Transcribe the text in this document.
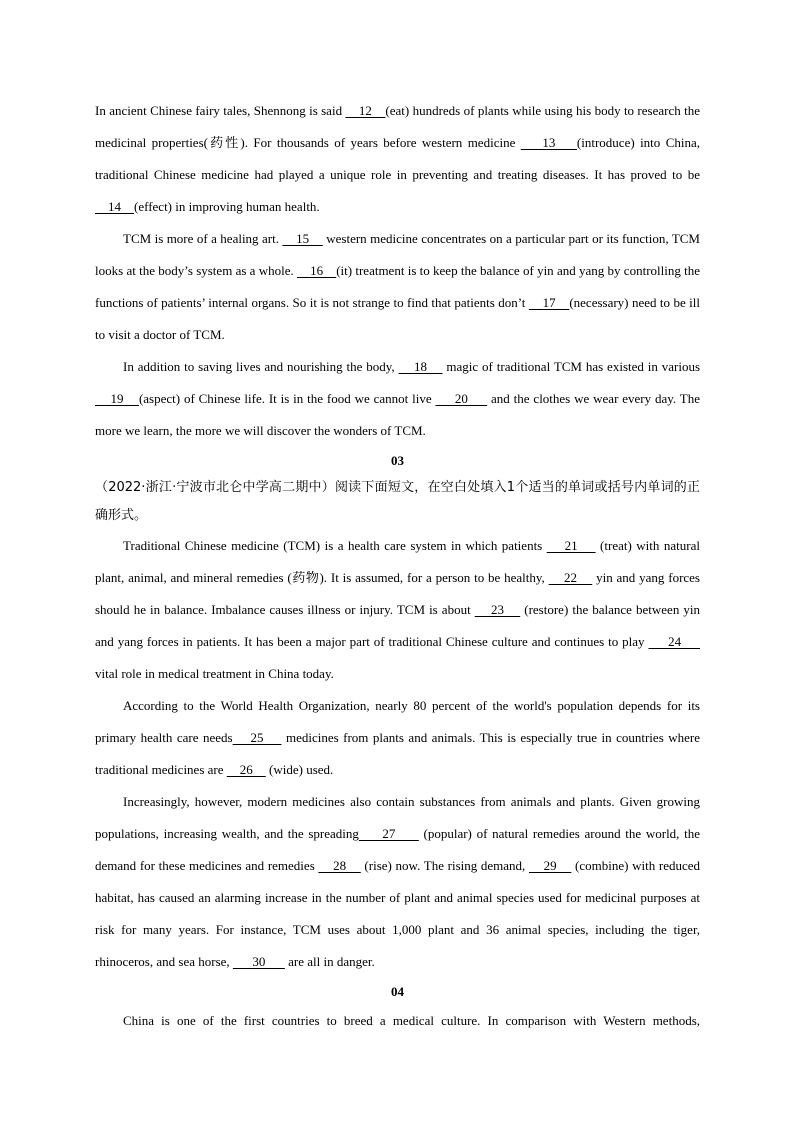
In ancient Chinese fairy tales, Shennong is said     12    (eat) hundreds of plants while using his body to research the medicinal properties(药性). For thousands of years before western medicine     13    (introduce) into China, traditional Chinese medicine had played a unique role in preventing and treating diseases. It has proved to be     14    (effect) in improving human health.

TCM is more of a healing art.     15     western medicine concentrates on a particular part or its function, TCM looks at the body’s system as a whole.     16    (it) treatment is to keep the balance of yin and yang by controlling the functions of patients’ internal organs. So it is not strange to find that patients don’t     17    (necessary) need to be ill to visit a doctor of TCM.

In addition to saving lives and nourishing the body,     18     magic of traditional TCM has existed in various     19    (aspect) of Chinese life. It is in the food we cannot live      20      and the clothes we wear every day. The more we learn, the more we will discover the wonders of TCM.

03

（2022·浙江·宁波市北仑中学高二期中）阅读下面短文，在空白处填入1个适当的单词或括号内单词的正确形式。

Traditional Chinese medicine (TCM) is a health care system in which patients     21     (treat) with natural plant, animal, and mineral remedies (药物). It is assumed, for a person to be healthy,     22     yin and yang forces should he in balance. Imbalance causes illness or injury. TCM is about     23     (restore) the balance between yin and yang forces in patients. It has been a major part of traditional Chinese culture and continues to play      24      vital role in medical treatment in China today.

According to the World Health Organization, nearly 80 percent of the world's population depends for its primary health care needs    25     medicines from plants and animals. This is especially true in countries where traditional medicines are     26     (wide) used.

Increasingly, however, modern medicines also contain substances from animals and plants. Given growing populations, increasing wealth, and the spreading     27      (popular) of natural remedies around the world, the demand for these medicines and remedies     28     (rise) now. The rising demand,     29     (combine) with reduced habitat, has caused an alarming increase in the number of plant and animal species used for medicinal purposes at risk for many years. For instance, TCM uses about 1,000 plant and 36 animal species, including the tiger, rhinoceros, and sea horse,       30       are all in danger.

04

China is one of the first countries to breed a medical culture. In comparison with Western methods,
